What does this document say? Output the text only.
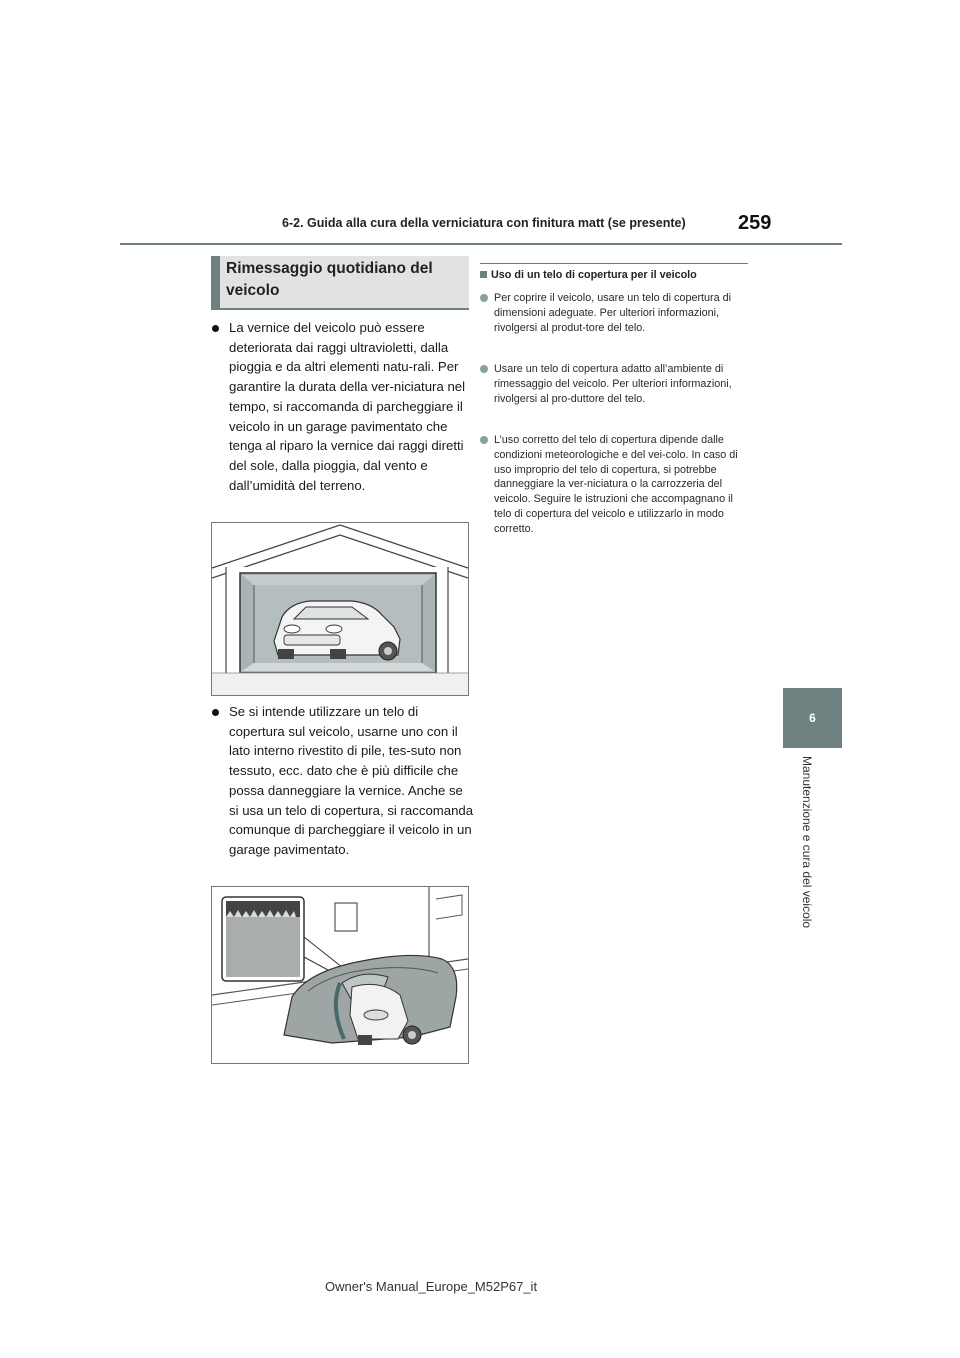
6-2. Guida alla cura della verniciatura con finitura matt (se presente)	259
6
Manutenzione e cura del veicolo
Rimessaggio quotidiano del veicolo
La vernice del veicolo può essere deteriorata dai raggi ultravioletti, dalla pioggia e da altri elementi natu-rali. Per garantire la durata della ver-niciatura nel tempo, si raccomanda di parcheggiare il veicolo in un garage pavimentato che tenga al riparo la vernice dai raggi diretti del sole, dalla pioggia, dal vento e dall’umidità del terreno.
Se si intende utilizzare un telo di copertura sul veicolo, usarne uno con il lato interno rivestito di pile, tes-suto non tessuto, ecc. dato che è più difficile che possa danneggiare la vernice. Anche se si usa un telo di copertura, si raccomanda comunque di parcheggiare il veicolo in un garage pavimentato.
Uso di un telo di copertura per il veicolo
Per coprire il veicolo, usare un telo di copertura di dimensioni adeguate. Per ulteriori informazioni, rivolgersi al produt-tore del telo.
Usare un telo di copertura adatto all’ambiente di rimessaggio del veicolo. Per ulteriori informazioni, rivolgersi al pro-duttore del telo.
L’uso corretto del telo di copertura dipende dalle condizioni meteorologiche e del vei-colo. In caso di uso improprio del telo di copertura, si potrebbe danneggiare la ver-niciatura o la carrozzeria del veicolo. Seguire le istruzioni che accompagnano il telo di copertura del veicolo e utilizzarlo in modo corretto.
Owner's Manual_Europe_M52P67_it
